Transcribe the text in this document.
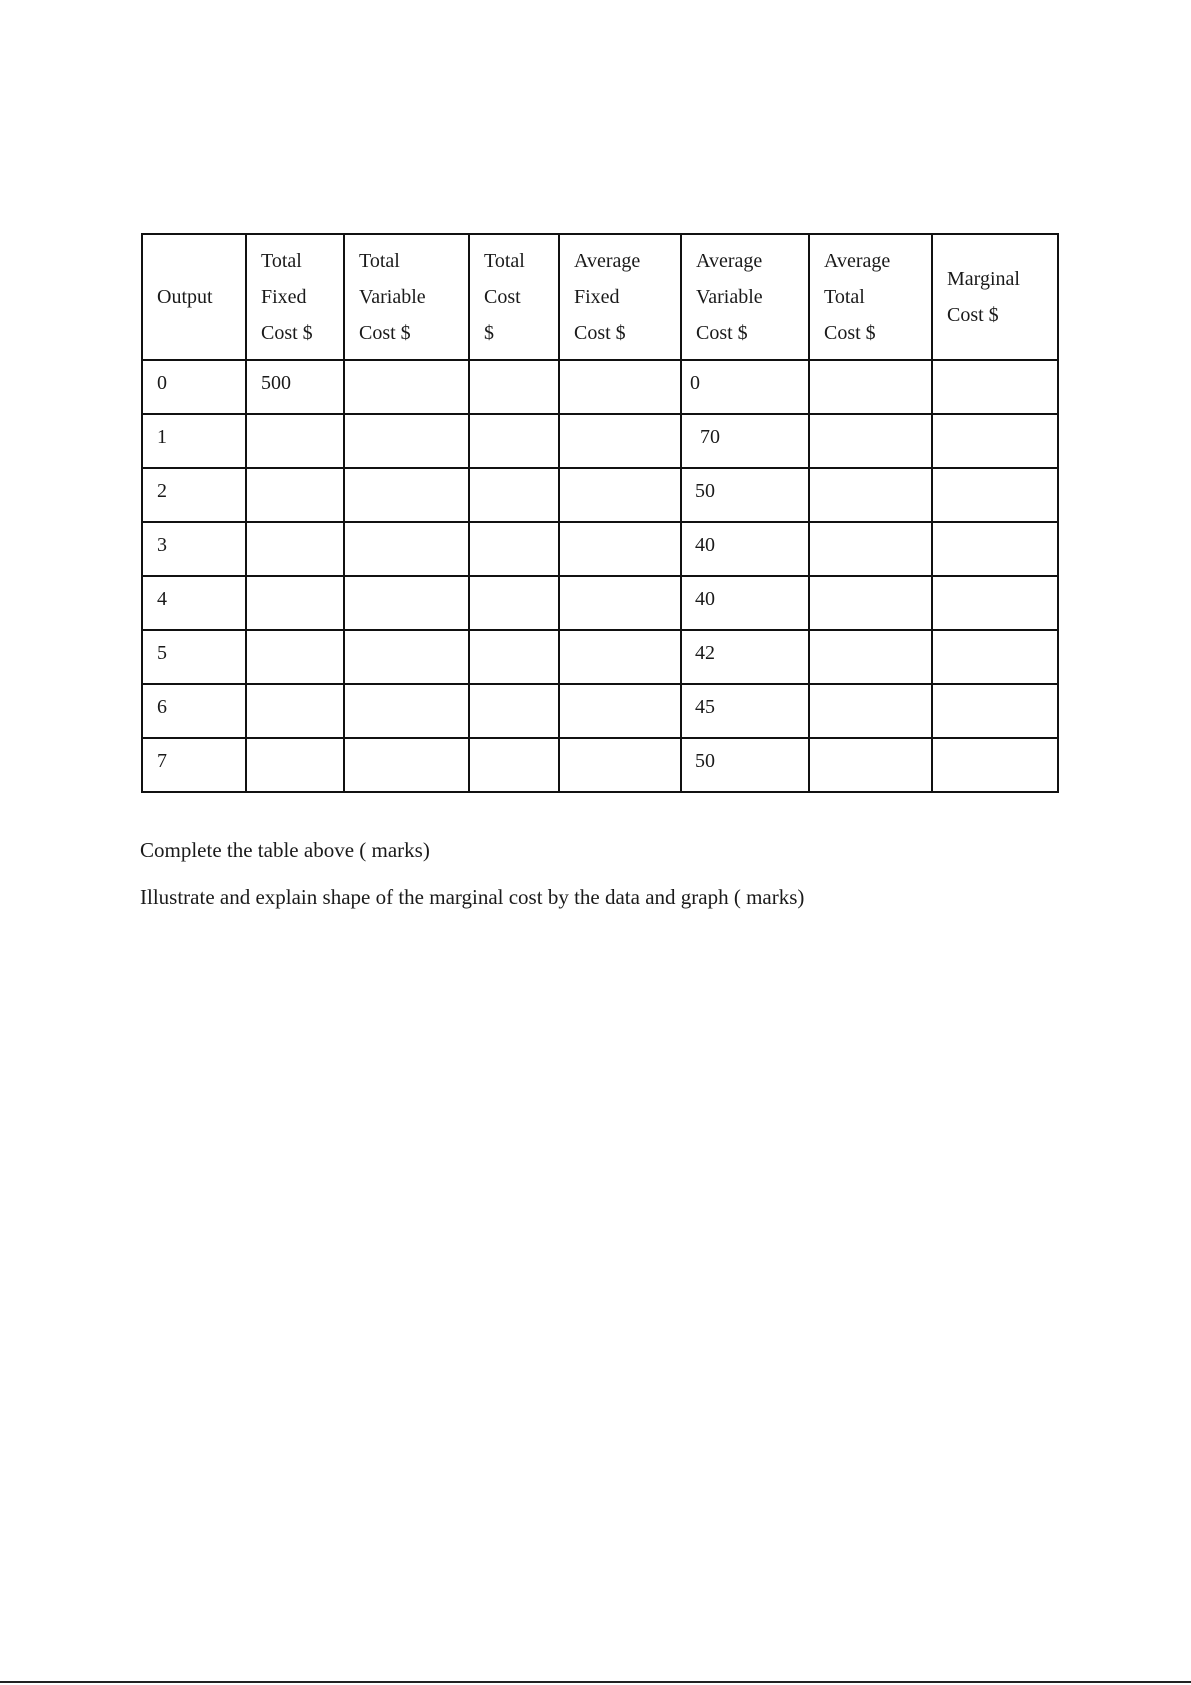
Output	Total
Fixed
Cost $	Total
Variable
Cost $	Total
Cost
$	Average
Fixed
Cost $	Average
Variable
Cost $	Average
Total
Cost $	Marginal
Cost $

0	500				0		

1					70		

2					50		

3					40		

4					40		

5					42		

6					45		

7					50		

Complete the table above ( marks)
Illustrate and explain shape of the marginal cost by the data and graph ( marks)
